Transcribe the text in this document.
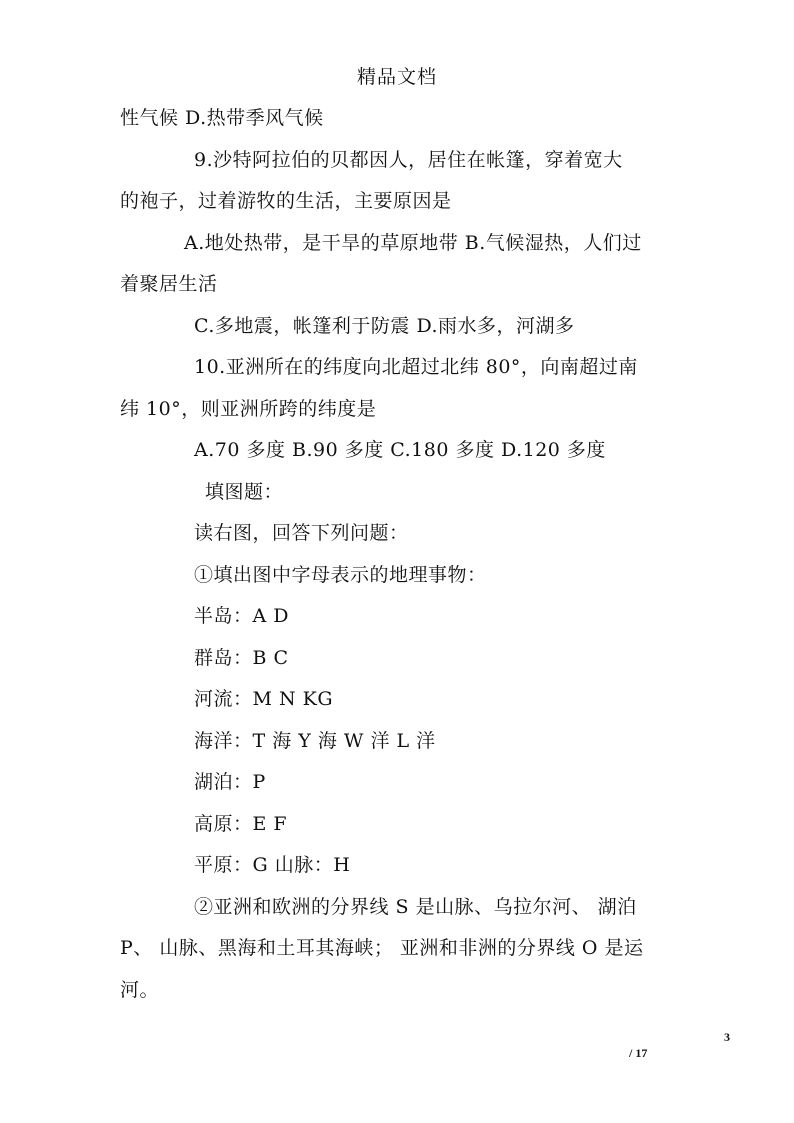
精品文档
性气候 D.热带季风气候
9.沙特阿拉伯的贝都因人，居住在帐篷，穿着宽大
的袍子，过着游牧的生活，主要原因是
A.地处热带，是干旱的草原地带 B.气候湿热，人们过
着聚居生活
C.多地震，帐篷利于防震 D.雨水多，河湖多
10.亚洲所在的纬度向北超过北纬 80°，向南超过南
纬 10°，则亚洲所跨的纬度是
A.70 多度 B.90 多度 C.180 多度 D.120 多度
填图题：
读右图，回答下列问题：
①填出图中字母表示的地理事物：
半岛：A D
群岛：B C
河流：M N KG
海洋：T 海 Y 海 W 洋 L 洋
湖泊：P
高原：E F
平原：G 山脉：H
②亚洲和欧洲的分界线 S 是山脉、乌拉尔河、 湖泊
P、 山脉、黑海和土耳其海峡； 亚洲和非洲的分界线 O 是运
河。
3
/ 17
